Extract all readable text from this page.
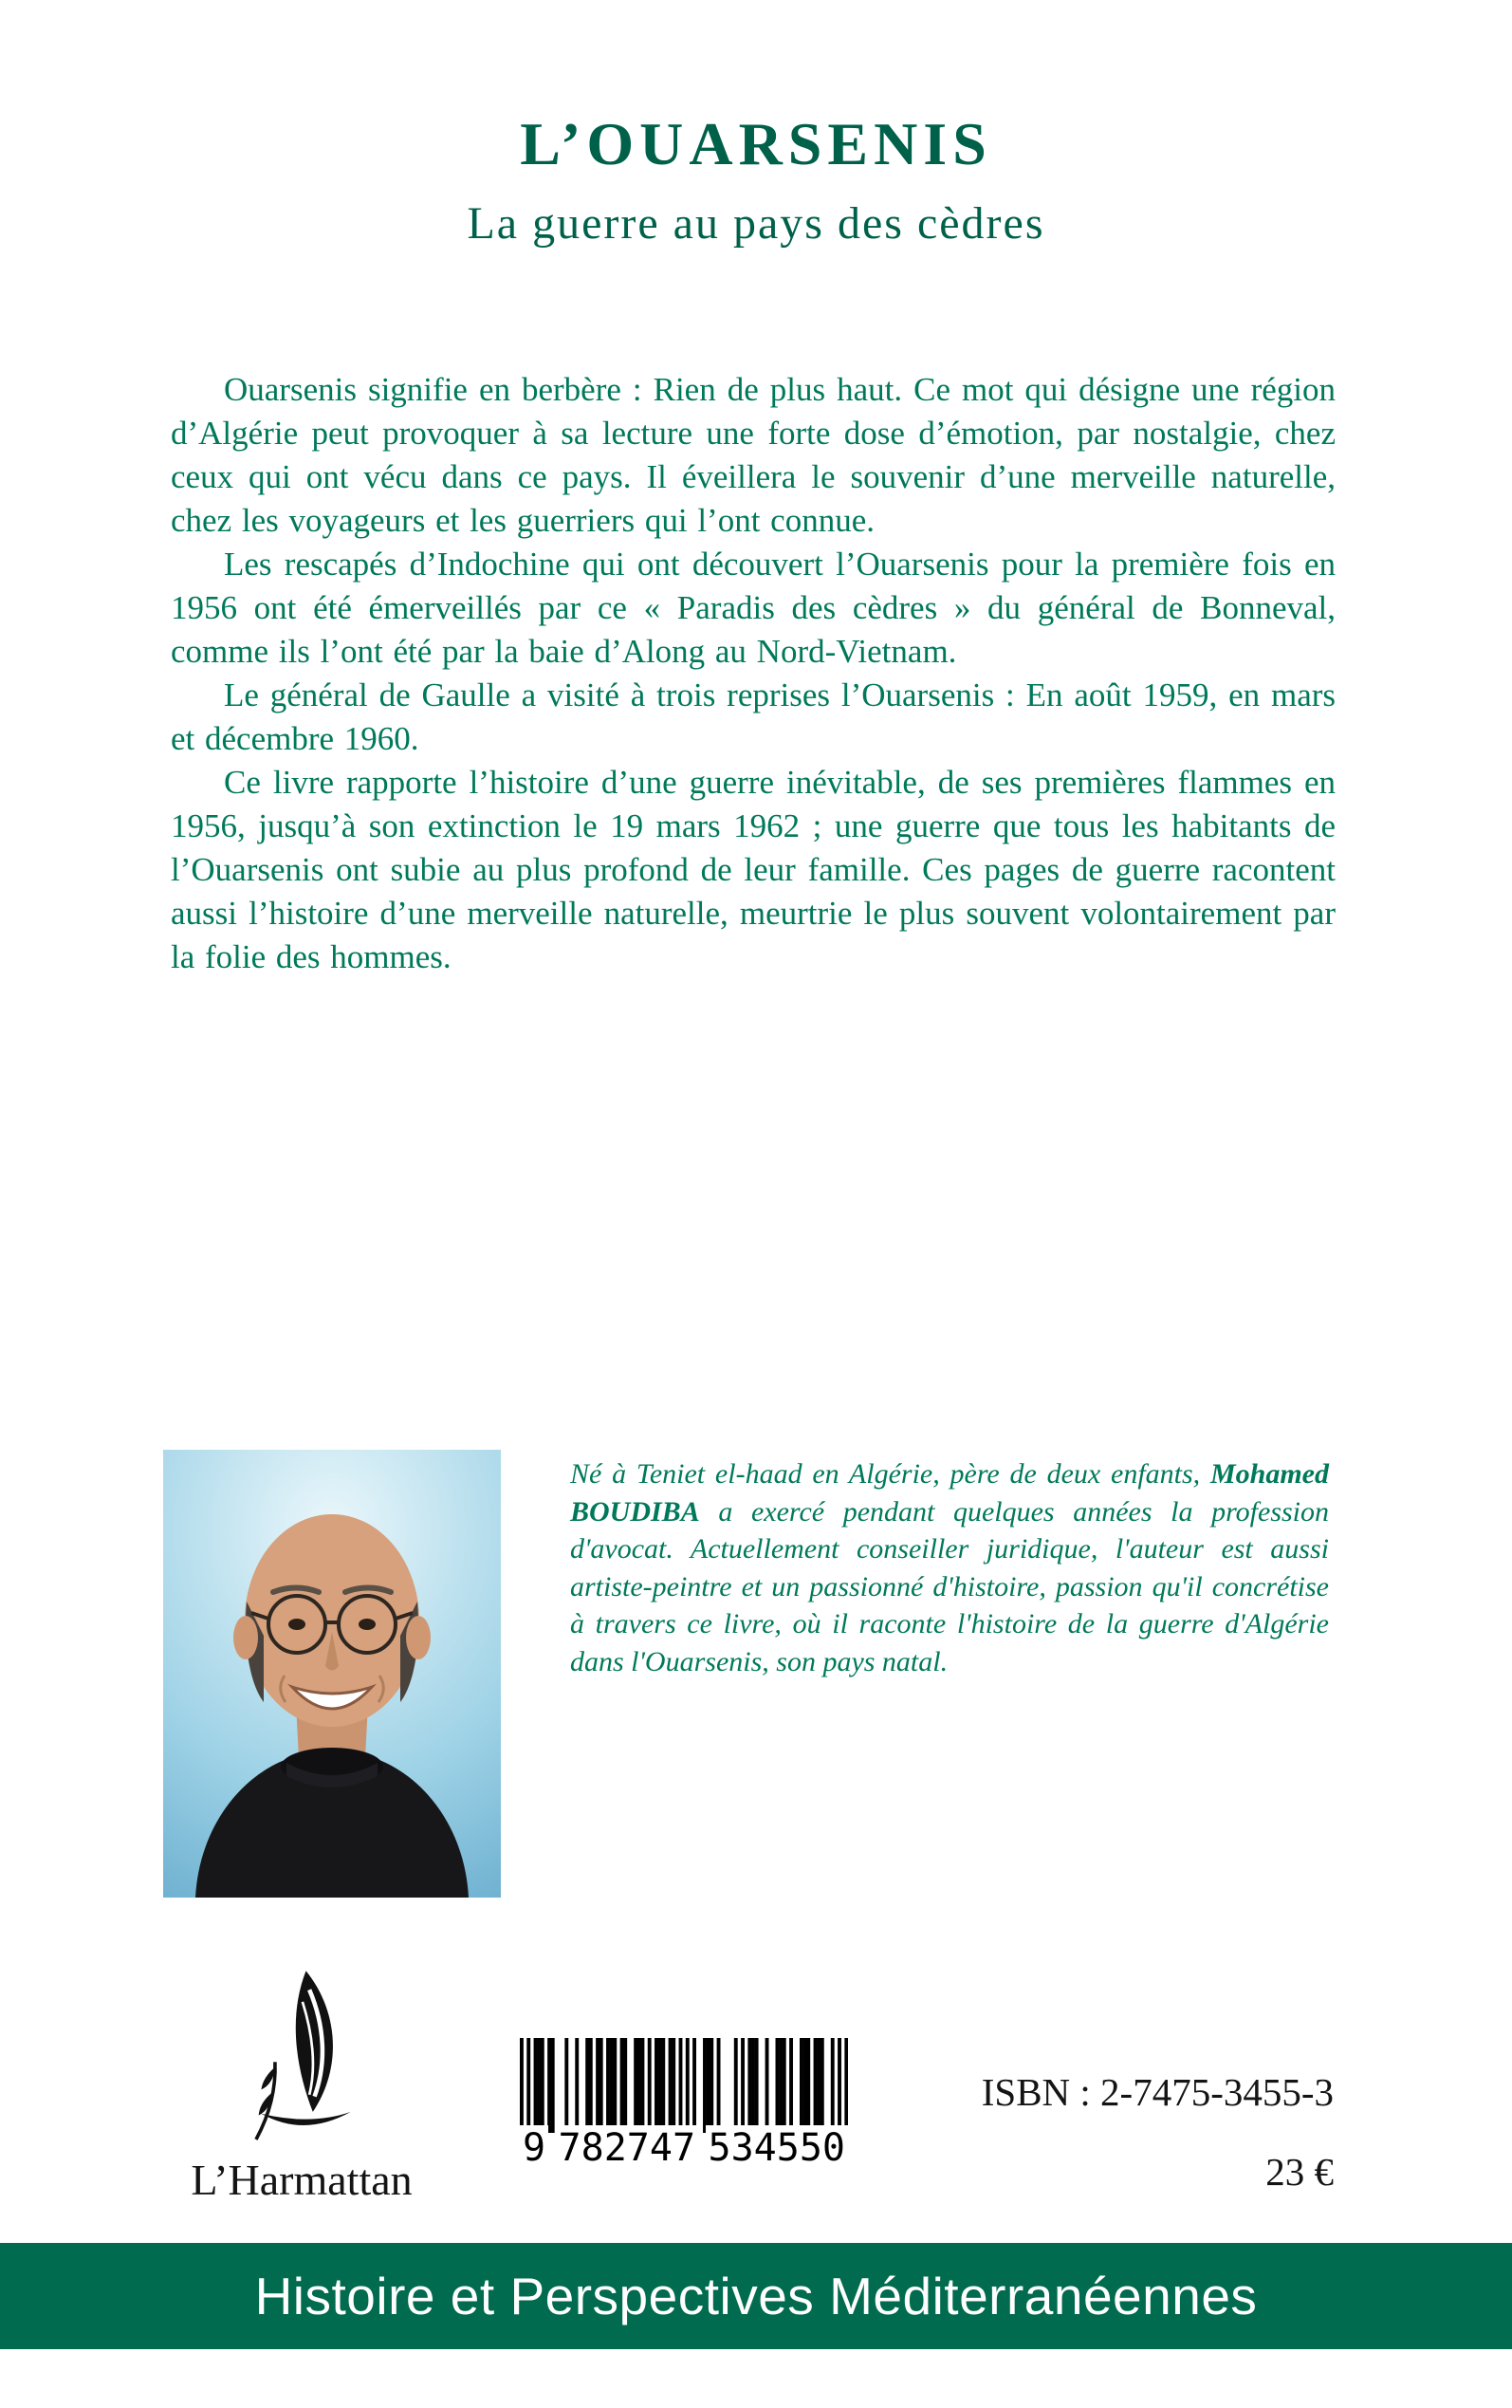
L’OUARSENIS
La guerre au pays des cèdres

Ouarsenis signifie en berbère : Rien de plus haut. Ce mot qui désigne une région d’Algérie peut provoquer à sa lecture une forte dose d’émotion, par nostalgie, chez ceux qui ont vécu dans ce pays. Il éveillera le souvenir d’une merveille naturelle, chez les voyageurs et les guerriers qui l’ont connue.

Les rescapés d’Indochine qui ont découvert l’Ouarsenis pour la première fois en 1956 ont été émerveillés par ce « Paradis des cèdres » du général de Bonneval, comme ils l’ont été par la baie d’Along au Nord-Vietnam.

Le général de Gaulle a visité à trois reprises l’Ouarsenis : En août 1959, en mars et décembre 1960.

Ce livre rapporte l’histoire d’une guerre inévitable, de ses premières flammes en 1956, jusqu’à son extinction le 19 mars 1962 ; une guerre que tous les habitants de l’Ouarsenis ont subie au plus profond de leur famille. Ces pages de guerre racontent aussi l’histoire d’une merveille naturelle, meurtrie le plus souvent volontairement par la folie des hommes.

Né à Teniet el-haad en Algérie, père de deux enfants, Mohamed BOUDIBA a exercé pendant quelques années la profession d'avocat. Actuellement conseiller juridique, l'auteur est aussi artiste-peintre et un passionné d'histoire, passion qu'il concrétise à travers ce livre, où il raconte l'histoire de la guerre d'Algérie dans l'Ouarsenis, son pays natal.

L’Harmattan
9 782747 534550
ISBN : 2-7475-3455-3
23 €
Histoire et Perspectives Méditerranéennes
